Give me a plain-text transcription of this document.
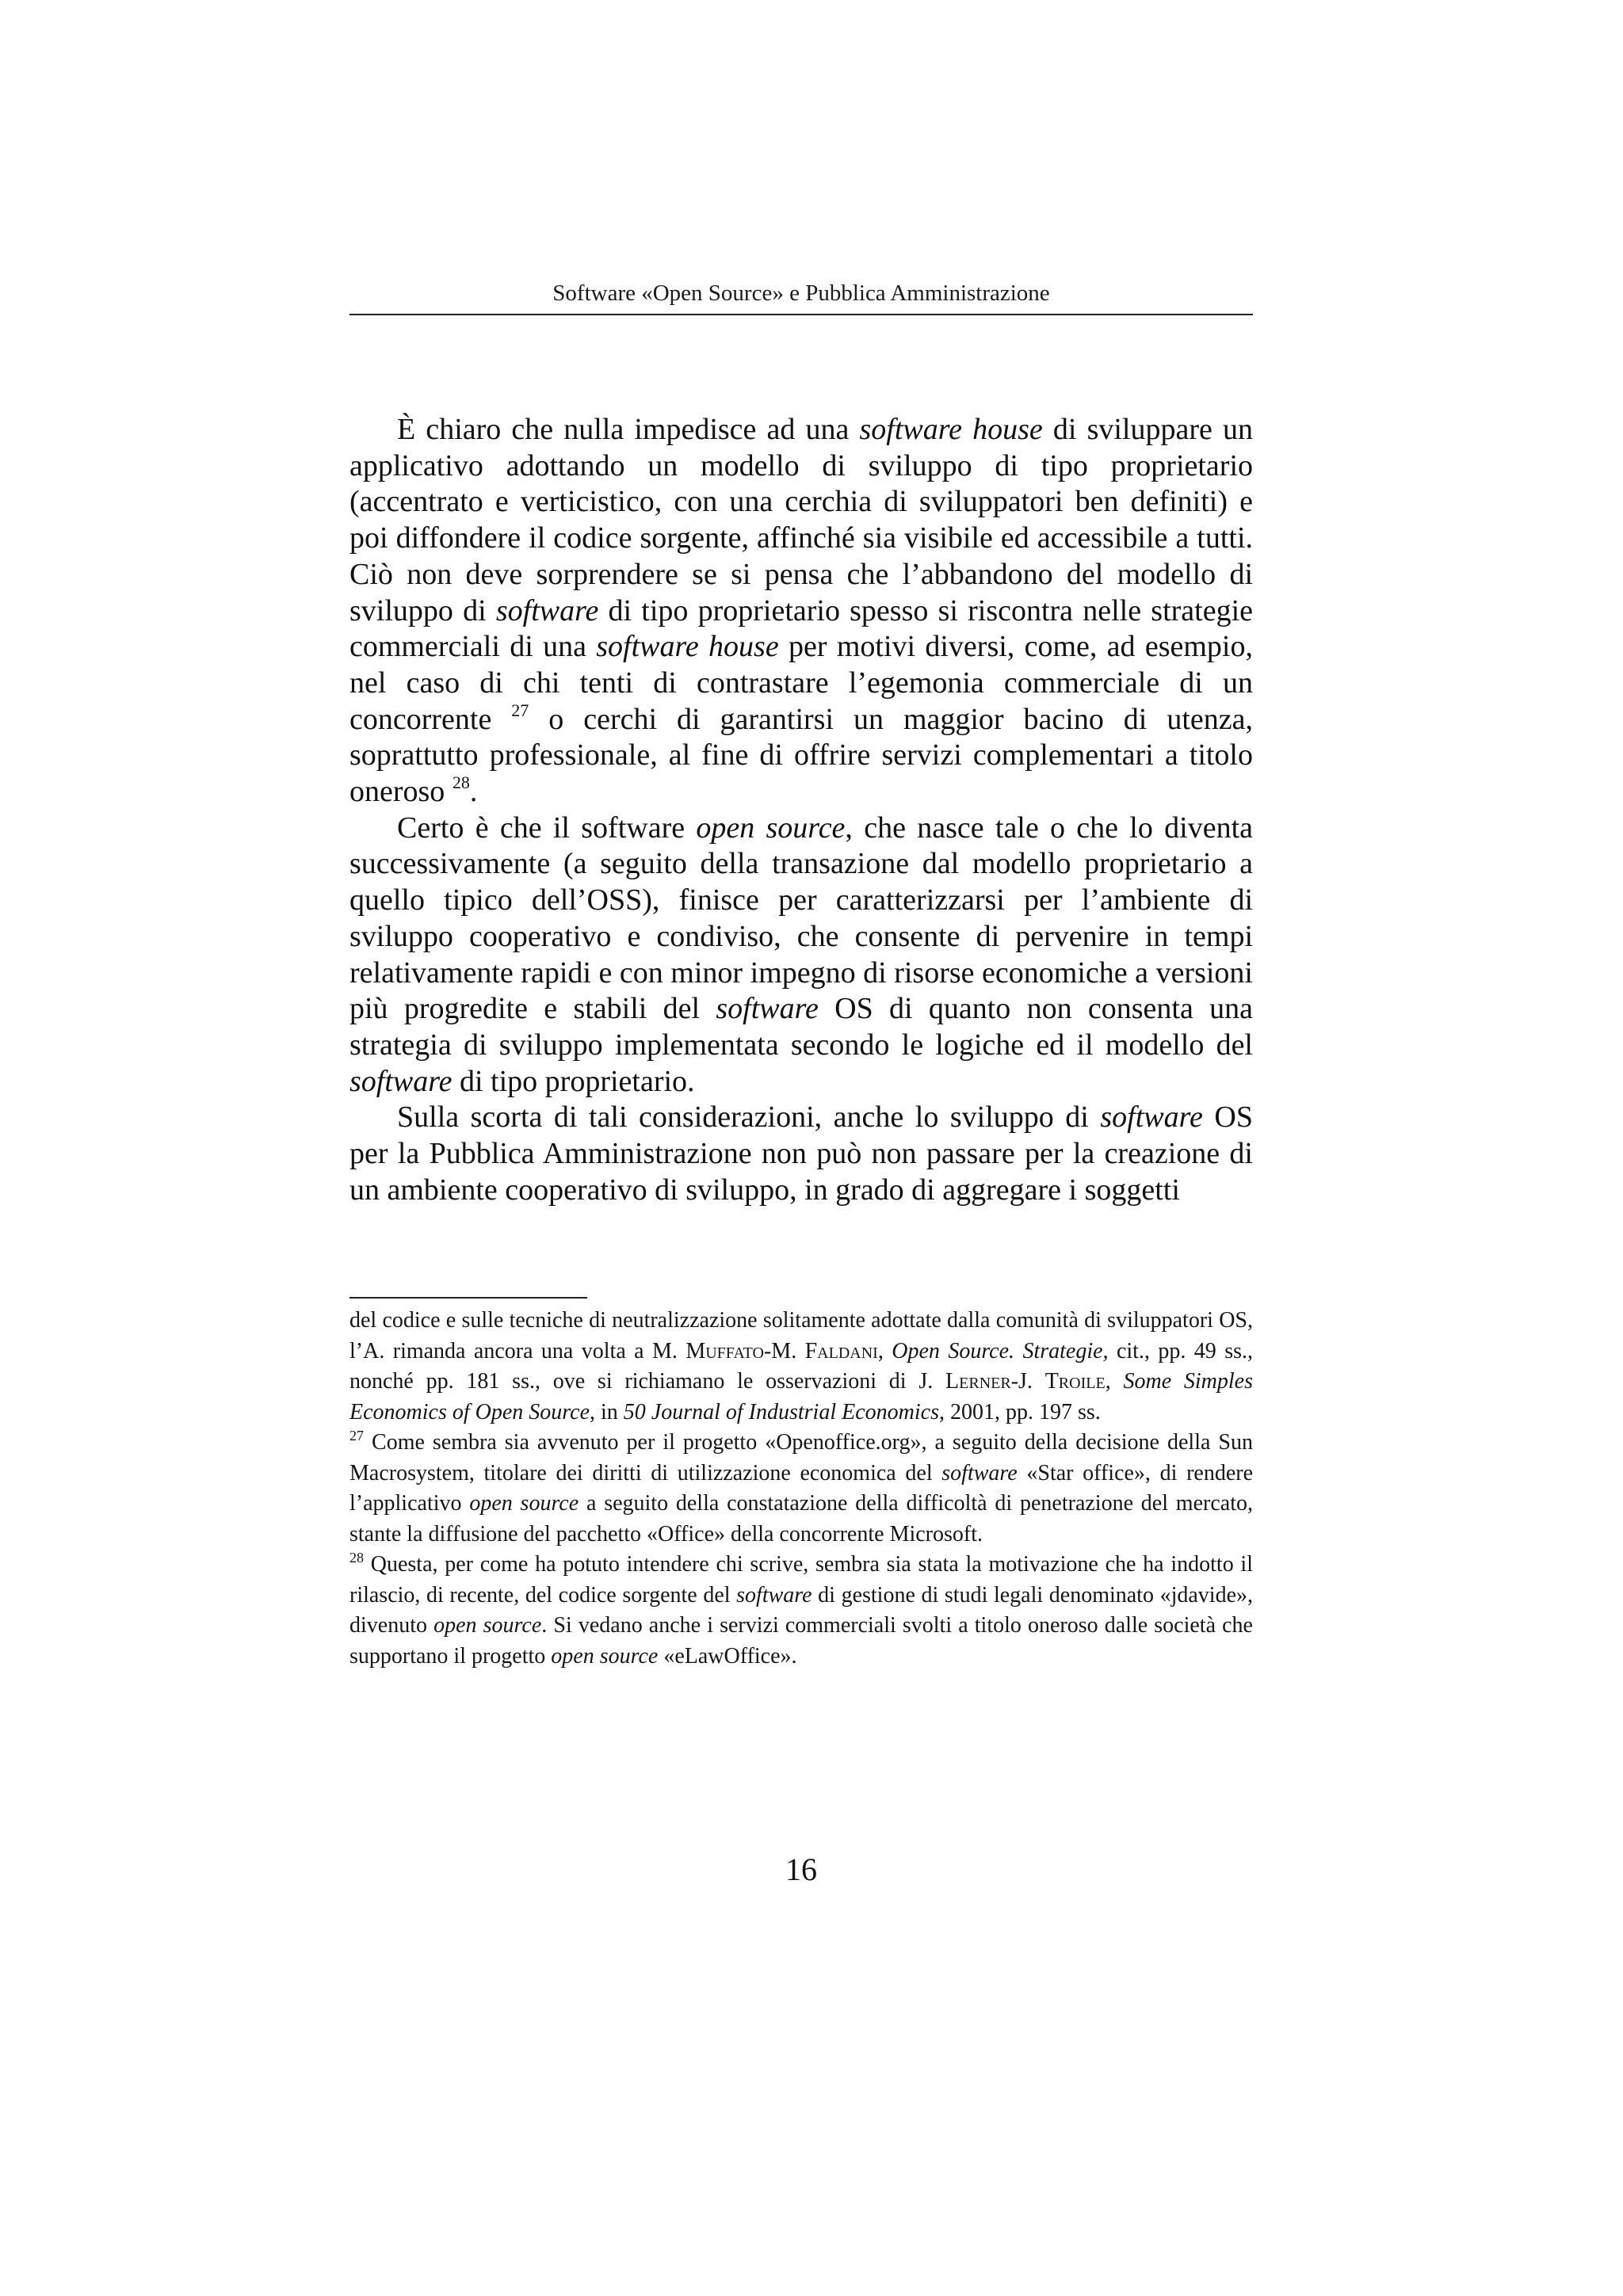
Software «Open Source» e Pubblica Amministrazione

È chiaro che nulla impedisce ad una software house di sviluppare un applicativo adottando un modello di sviluppo di tipo proprietario (accentrato e verticistico, con una cerchia di sviluppatori ben definiti) e poi diffondere il codice sorgente, affinché sia visibile ed accessibile a tutti. Ciò non deve sorprendere se si pensa che l’abbandono del modello di sviluppo di software di tipo proprietario spesso si riscontra nelle strategie commerciali di una software house per motivi diversi, come, ad esempio, nel caso di chi tenti di contrastare l’egemonia commerciale di un concorrente $^{27}$ o cerchi di garantirsi un maggior bacino di utenza, soprattutto professionale, al fine di offrire servizi complementari a titolo oneroso $^{28}$.

Certo è che il software open source, che nasce tale o che lo diventa successivamente (a seguito della transazione dal modello proprietario a quello tipico dell’OSS), finisce per caratterizzarsi per l’ambiente di sviluppo cooperativo e condiviso, che consente di pervenire in tempi relativamente rapidi e con minor impegno di risorse economiche a versioni più progredite e stabili del software OS di quanto non consenta una strategia di sviluppo implementata secondo le logiche ed il modello del software di tipo proprietario.

Sulla scorta di tali considerazioni, anche lo sviluppo di software OS per la Pubblica Amministrazione non può non passare per la creazione di un ambiente cooperativo di sviluppo, in grado di aggregare i soggetti

del codice e sulle tecniche di neutralizzazione solitamente adottate dalla comunità di sviluppatori OS, l’A. rimanda ancora una volta a M. Muffato-M. Faldani, Open Source. Strategie, cit., pp. 49 ss., nonché pp. 181 ss., ove si richiamano le osservazioni di J. Lerner-J. Troile, Some Simples Economics of Open Source, in 50 Journal of Industrial Economics, 2001, pp. 197 ss.

$^{27}$ Come sembra sia avvenuto per il progetto «Openoffice.org», a seguito della decisione della Sun Macrosystem, titolare dei diritti di utilizzazione economica del software «Star office», di rendere l’applicativo open source a seguito della constatazione della difficoltà di penetrazione del mercato, stante la diffusione del pacchetto «Office» della concorrente Microsoft.

$^{28}$ Questa, per come ha potuto intendere chi scrive, sembra sia stata la motivazione che ha indotto il rilascio, di recente, del codice sorgente del software di gestione di studi legali denominato «jdavide», divenuto open source. Si vedano anche i servizi commerciali svolti a titolo oneroso dalle società che supportano il progetto open source «eLawOffice».

16
